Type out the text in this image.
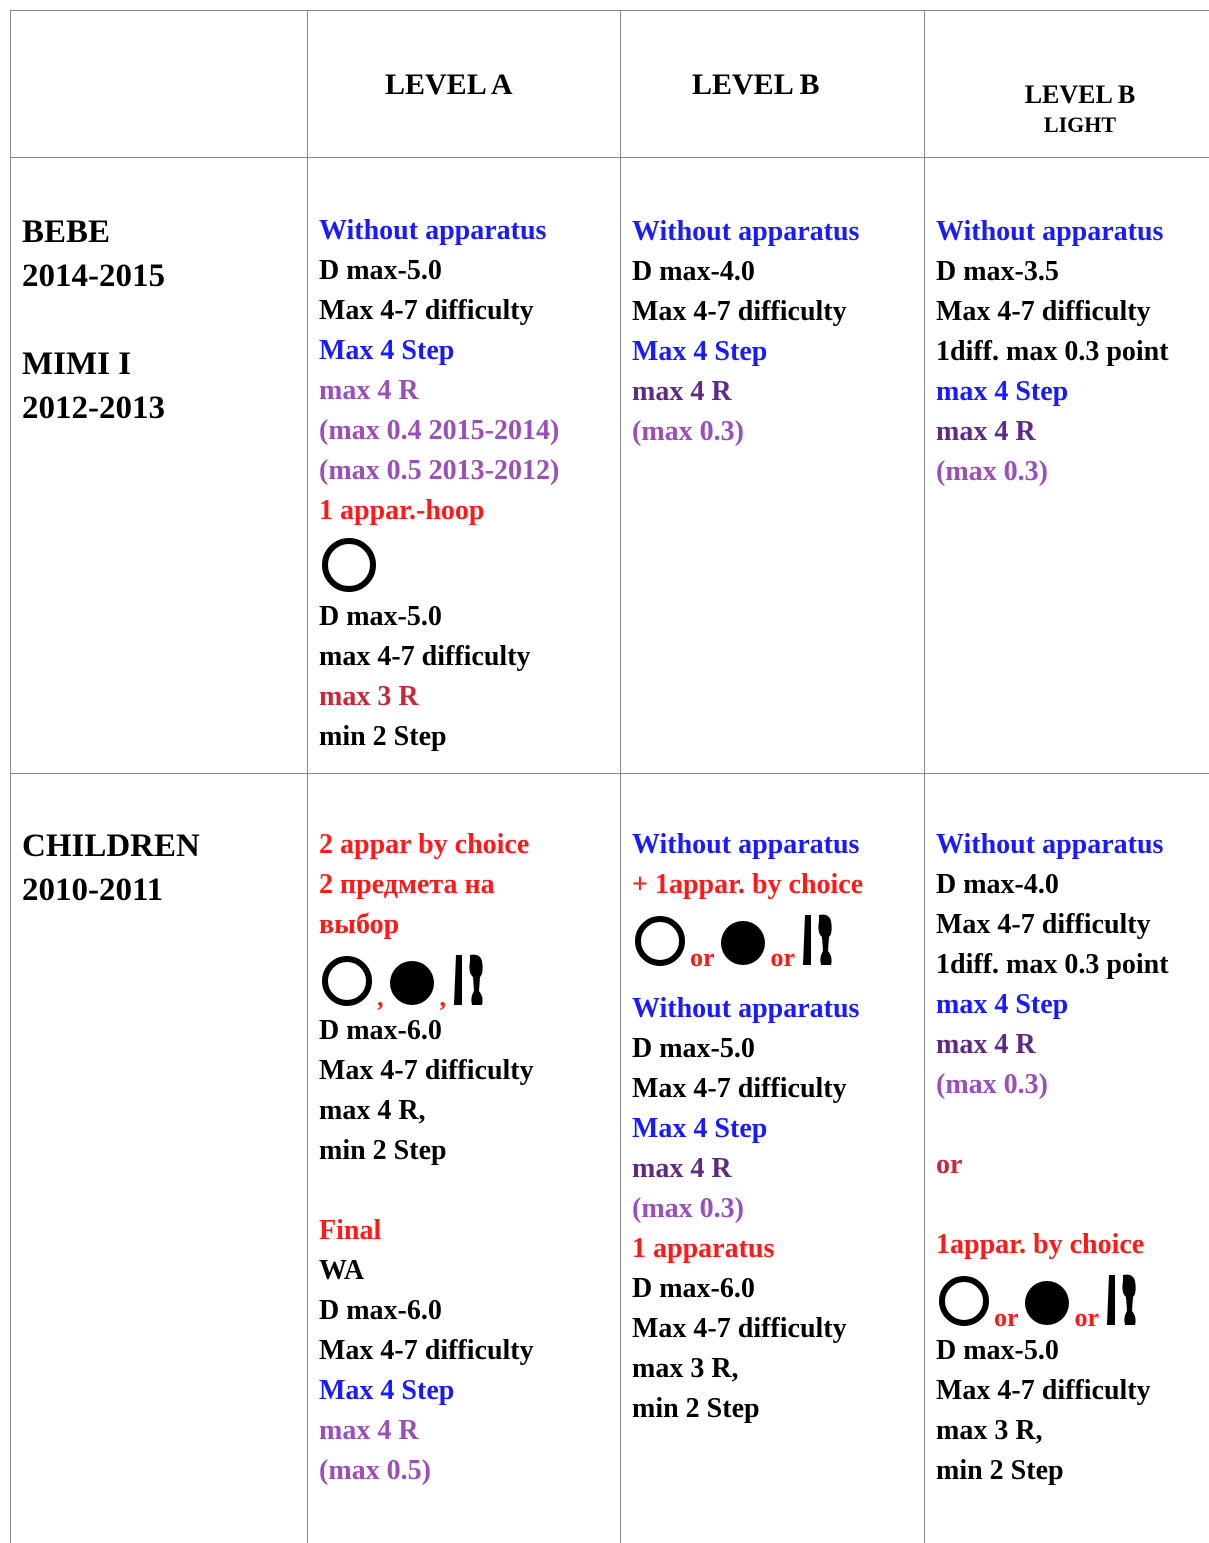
LEVEL A	LEVEL B	LEVEL B
LIGHT
BEBE
2014-2015
MIMI I
2012-2013
Without apparatus
D max-5.0
Max 4-7 difficulty
Max 4 Step
max 4 R
(max 0.4 2015-2014)
(max 0.5 2013-2012)
1 appar.-hoop
D max-5.0
max 4-7 difficulty
max 3 R
min 2 Step
Without apparatus
D max-4.0
Max 4-7 difficulty
Max 4 Step
max 4 R
(max 0.3)
Without apparatus
D max-3.5
Max 4-7 difficulty
1diff. max 0.3 point
max 4 Step
max 4 R
(max 0.3)
CHILDREN
2010-2011
2 appar by choice
2 предмета на
выбор
, ,
D max-6.0
Max 4-7 difficulty
max 4 R,
min 2 Step
Final
WA
D max-6.0
Max 4-7 difficulty
Max 4 Step
max 4 R
(max 0.5)
Without apparatus
+ 1appar. by choice
or or
Without apparatus
D max-5.0
Max 4-7 difficulty
Max 4 Step
max 4 R
(max 0.3)
1 apparatus
D max-6.0
Max 4-7 difficulty
max 3 R,
min 2 Step
Without apparatus
D max-4.0
Max 4-7 difficulty
1diff. max 0.3 point
max 4 Step
max 4 R
(max 0.3)
or
1appar. by choice
or or
D max-5.0
Max 4-7 difficulty
max 3 R,
min 2 Step
